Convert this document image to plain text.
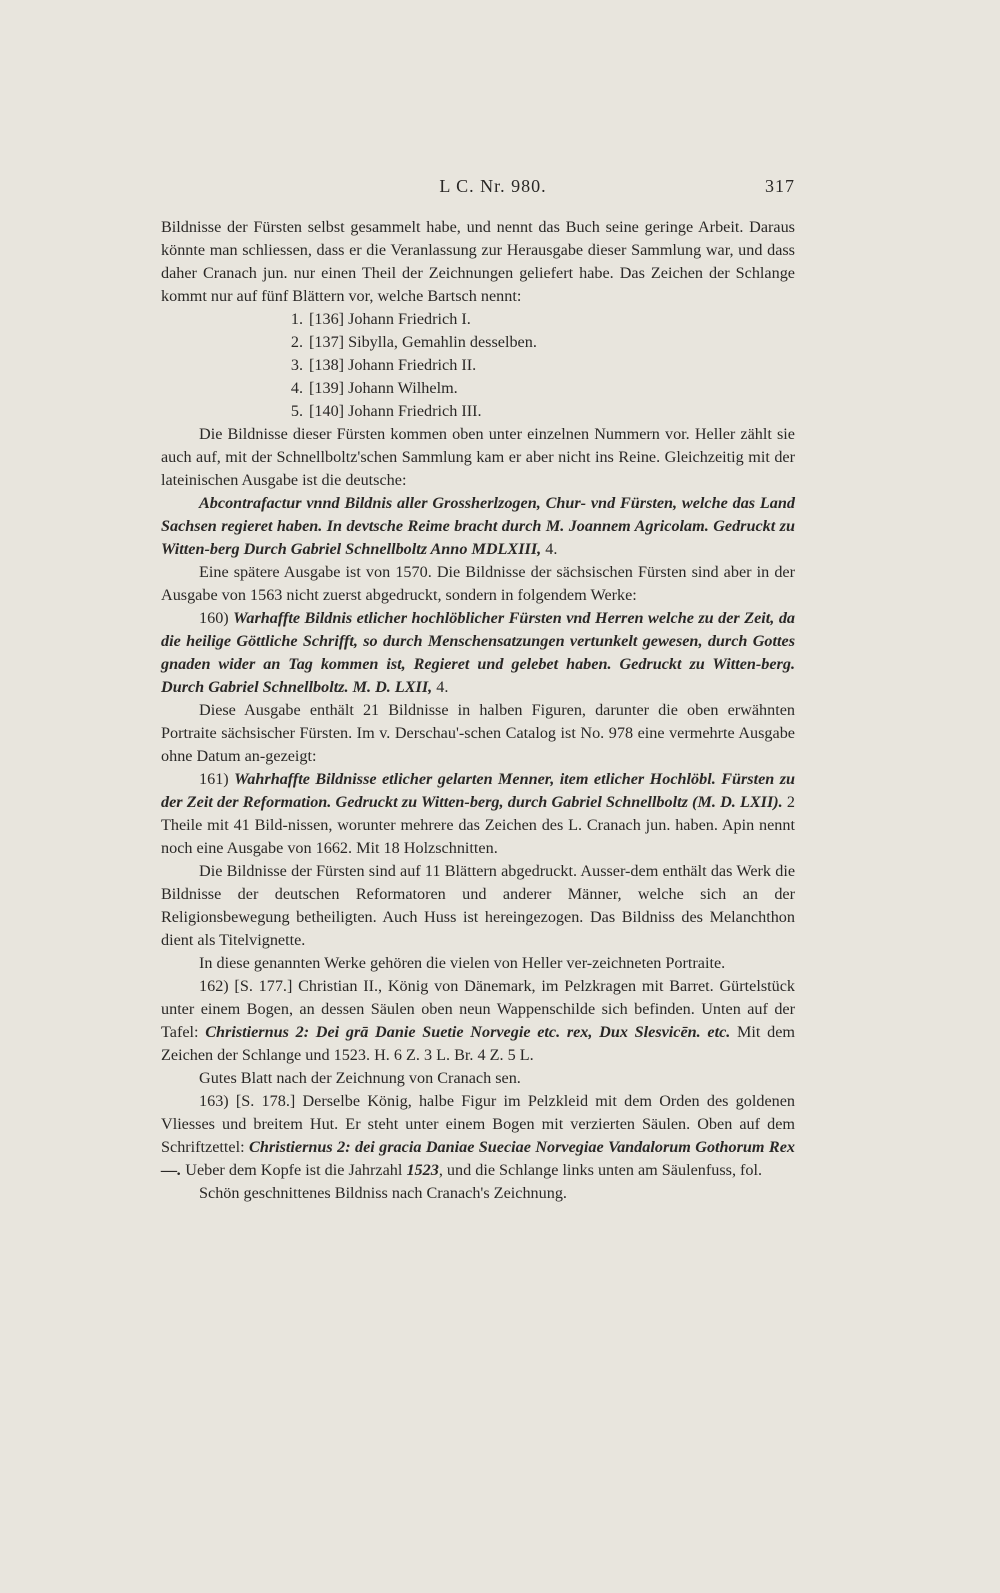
L C. Nr. 980.	317

Bildnisse der Fürsten selbst gesammelt habe, und nennt das Buch seine geringe Arbeit. Daraus könnte man schliessen, dass er die Veranlassung zur Herausgabe dieser Sammlung war, und dass daher Cranach jun. nur einen Theil der Zeichnungen geliefert habe. Das Zeichen der Schlange kommt nur auf fünf Blättern vor, welche Bartsch nennt:

1. [136] Johann Friedrich I.
2. [137] Sibylla, Gemahlin desselben.
3. [138] Johann Friedrich II.
4. [139] Johann Wilhelm.
5. [140] Johann Friedrich III.

Die Bildnisse dieser Fürsten kommen oben unter einzelnen Nummern vor. Heller zählt sie auch auf, mit der Schnellboltz'schen Sammlung kam er aber nicht ins Reine. Gleichzeitig mit der lateinischen Ausgabe ist die deutsche:

Abcontrafactur vnnd Bildnis aller Grossherlzogen, Chur- vnd Fürsten, welche das Land Sachsen regieret haben. In devtsche Reime bracht durch M. Joannem Agricolam. Gedruckt zu Witten-berg Durch Gabriel Schnellboltz Anno MDLXIII, 4.

Eine spätere Ausgabe ist von 1570. Die Bildnisse der sächsischen Fürsten sind aber in der Ausgabe von 1563 nicht zuerst abgedruckt, sondern in folgendem Werke:

160) Warhaffte Bildnis etlicher hochlöblicher Fürsten vnd Herren welche zu der Zeit, da die heilige Göttliche Schrifft, so durch Menschensatzungen vertunkelt gewesen, durch Gottes gnaden wider an Tag kommen ist, Regieret und gelebet haben. Gedruckt zu Witten-berg. Durch Gabriel Schnellboltz. M. D. LXII, 4.

Diese Ausgabe enthält 21 Bildnisse in halben Figuren, darunter die oben erwähnten Portraite sächsischer Fürsten. Im v. Derschau'-schen Catalog ist No. 978 eine vermehrte Ausgabe ohne Datum an-gezeigt:

161) Wahrhaffte Bildnisse etlicher gelarten Menner, item etlicher Hochlöbl. Fürsten zu der Zeit der Reformation. Gedruckt zu Witten-berg, durch Gabriel Schnellboltz (M. D. LXII). 2 Theile mit 41 Bild-nissen, worunter mehrere das Zeichen des L. Cranach jun. haben. Apin nennt noch eine Ausgabe von 1662. Mit 18 Holzschnitten.

Die Bildnisse der Fürsten sind auf 11 Blättern abgedruckt. Ausser-dem enthält das Werk die Bildnisse der deutschen Reformatoren und anderer Männer, welche sich an der Religionsbewegung betheiligten. Auch Huss ist hereingezogen. Das Bildniss des Melanchthon dient als Titelvignette.

In diese genannten Werke gehören die vielen von Heller ver-zeichneten Portraite.

162) [S. 177.] Christian II., König von Dänemark, im Pelzkragen mit Barret. Gürtelstück unter einem Bogen, an dessen Säulen oben neun Wappenschilde sich befinden. Unten auf der Tafel: Christiernus 2: Dei grā Danie Suetie Norvegie etc. rex, Dux Slesvicēn. etc. Mit dem Zeichen der Schlange und 1523. H. 6 Z. 3 L. Br. 4 Z. 5 L.

Gutes Blatt nach der Zeichnung von Cranach sen.

163) [S. 178.] Derselbe König, halbe Figur im Pelzkleid mit dem Orden des goldenen Vliesses und breitem Hut. Er steht unter einem Bogen mit verzierten Säulen. Oben auf dem Schriftzettel: Christiernus 2: dei gracia Daniae Sueciae Norvegiae Vandalorum Gothorum Rex —. Ueber dem Kopfe ist die Jahrzahl 1523, und die Schlange links unten am Säulenfuss, fol.

Schön geschnittenes Bildniss nach Cranach's Zeichnung.
